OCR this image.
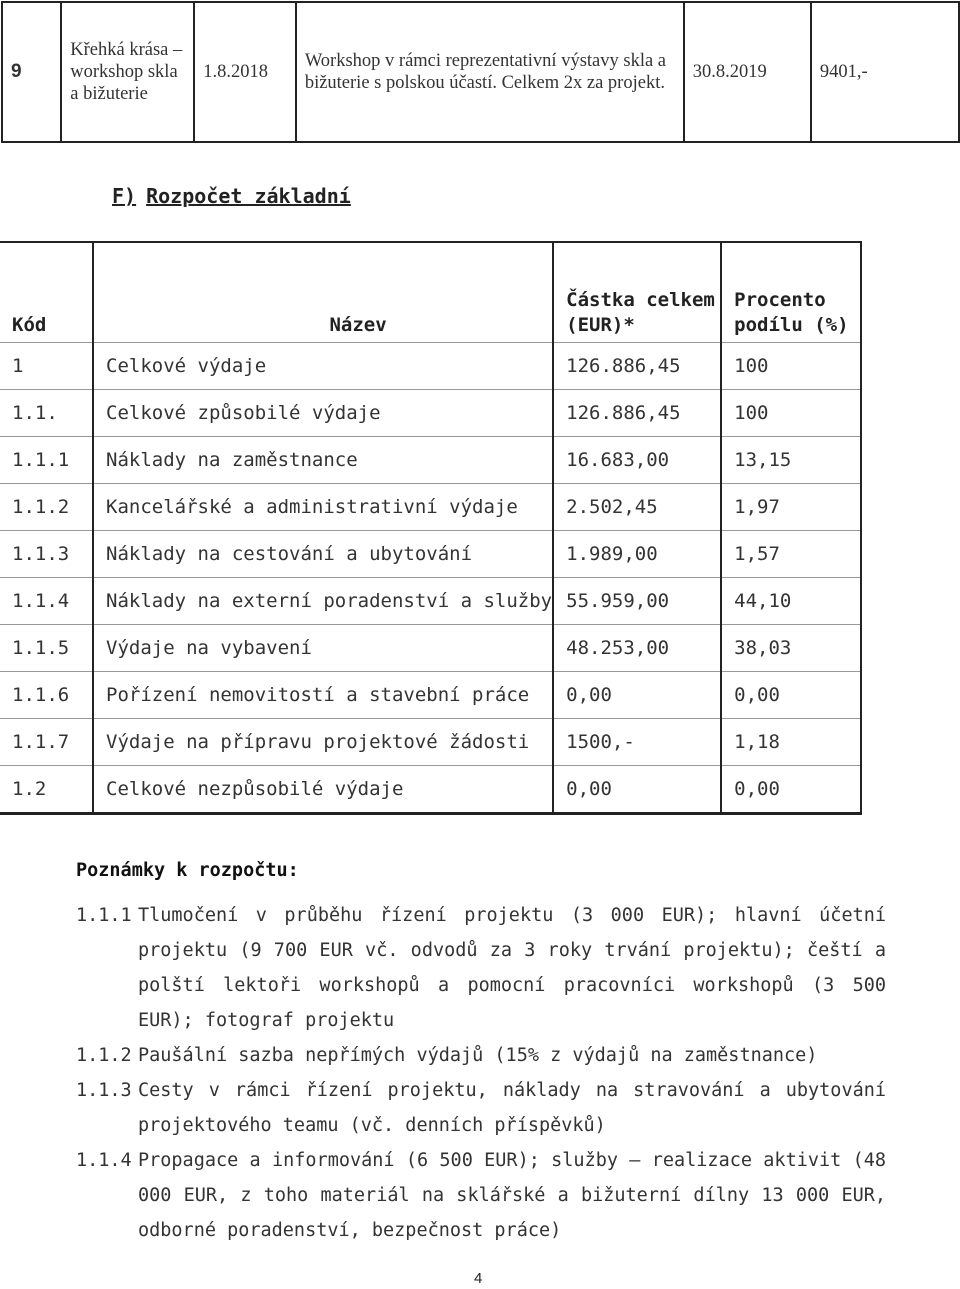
9	Křehká krása – workshop skla a bižuterie	1.8.2018	Workshop v rámci reprezentativní výstavy skla a bižuterie s polskou účastí. Celkem 2x za projekt.	30.8.2019	9401,-
F) Rozpočet základní
Kód	Název	Částka celkem (EUR)*	Procento podílu (%)
1	Celkové výdaje	126.886,45	100
1.1.	Celkové způsobilé výdaje	126.886,45	100
1.1.1	Náklady na zaměstnance	16.683,00	13,15
1.1.2	Kancelářské a administrativní výdaje	2.502,45	1,97
1.1.3	Náklady na cestování a ubytování	1.989,00	1,57
1.1.4	Náklady na externí poradenství a služby	55.959,00	44,10
1.1.5	Výdaje na vybavení	48.253,00	38,03
1.1.6	Pořízení nemovitostí a stavební práce	0,00	0,00
1.1.7	Výdaje na přípravu projektové žádosti	1500,-	1,18
1.2	Celkové nezpůsobilé výdaje	0,00	0,00
Poznámky k rozpočtu:
1.1.1 Tlumočení v průběhu řízení projektu (3 000 EUR); hlavní účetní projektu (9 700 EUR vč. odvodů za 3 roky trvání projektu); čeští a polští lektoři workshopů a pomocní pracovníci workshopů (3 500 EUR); fotograf projektu
1.1.2 Paušální sazba nepřímých výdajů (15% z výdajů na zaměstnance)
1.1.3 Cesty v rámci řízení projektu, náklady na stravování a ubytování projektového teamu (vč. denních příspěvků)
1.1.4 Propagace a informování (6 500 EUR); služby – realizace aktivit (48 000 EUR, z toho materiál na sklářské a bižuterní dílny 13 000 EUR, odborné poradenství, bezpečnost práce)
4
